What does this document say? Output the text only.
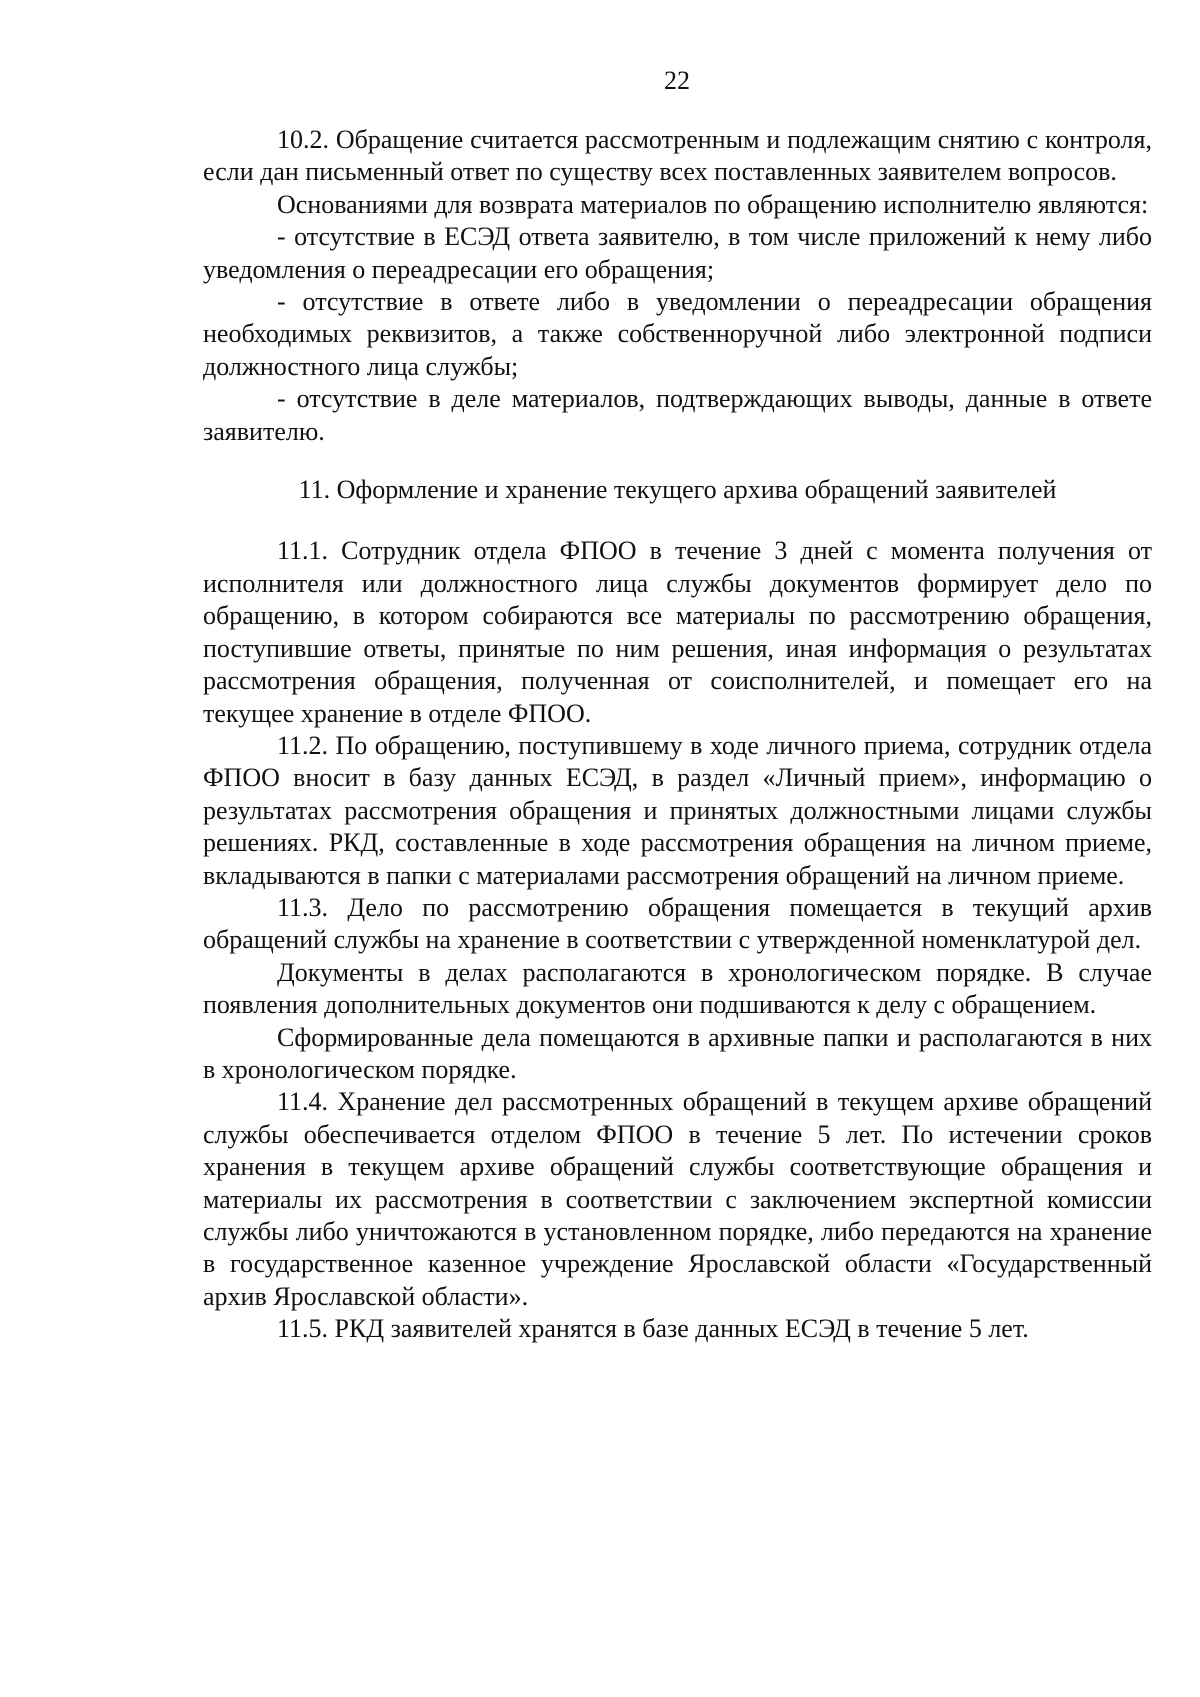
22

10.2. Обращение считается рассмотренным и подлежащим снятию с контроля, если дан письменный ответ по существу всех поставленных заявителем вопросов.

Основаниями для возврата материалов по обращению исполнителю являются:

- отсутствие в ЕСЭД ответа заявителю, в том числе приложений к нему либо уведомления о переадресации его обращения;

- отсутствие в ответе либо в уведомлении о переадресации обращения необходимых реквизитов, а также собственноручной либо электронной подписи должностного лица службы;

- отсутствие в деле материалов, подтверждающих выводы, данные в ответе заявителю.

11. Оформление и хранение текущего архива обращений заявителей

11.1. Сотрудник отдела ФПОО в течение 3 дней с момента получения от исполнителя или должностного лица службы документов формирует дело по обращению, в котором собираются все материалы по рассмотрению обращения, поступившие ответы, принятые по ним решения, иная информация о результатах рассмотрения обращения, полученная от соисполнителей, и помещает его на текущее хранение в отделе ФПОО.

11.2. По обращению, поступившему в ходе личного приема, сотрудник отдела ФПОО вносит в базу данных ЕСЭД, в раздел «Личный прием», информацию о результатах рассмотрения обращения и принятых должностными лицами службы решениях. РКД, составленные в ходе рассмотрения обращения на личном приеме, вкладываются в папки с материалами рассмотрения обращений на личном приеме.

11.3. Дело по рассмотрению обращения помещается в текущий архив обращений службы на хранение в соответствии с утвержденной номенклатурой дел.

Документы в делах располагаются в хронологическом порядке. В случае появления дополнительных документов они подшиваются к делу с обращением.

Сформированные дела помещаются в архивные папки и располагаются в них в хронологическом порядке.

11.4. Хранение дел рассмотренных обращений в текущем архиве обращений службы обеспечивается отделом ФПОО в течение 5 лет. По истечении сроков хранения в текущем архиве обращений службы соответствующие обращения и материалы их рассмотрения в соответствии с заключением экспертной комиссии службы либо уничтожаются в установленном порядке, либо передаются на хранение в государственное казенное учреждение Ярославской области «Государственный архив Ярославской области».

11.5. РКД заявителей хранятся в базе данных ЕСЭД в течение 5 лет.
